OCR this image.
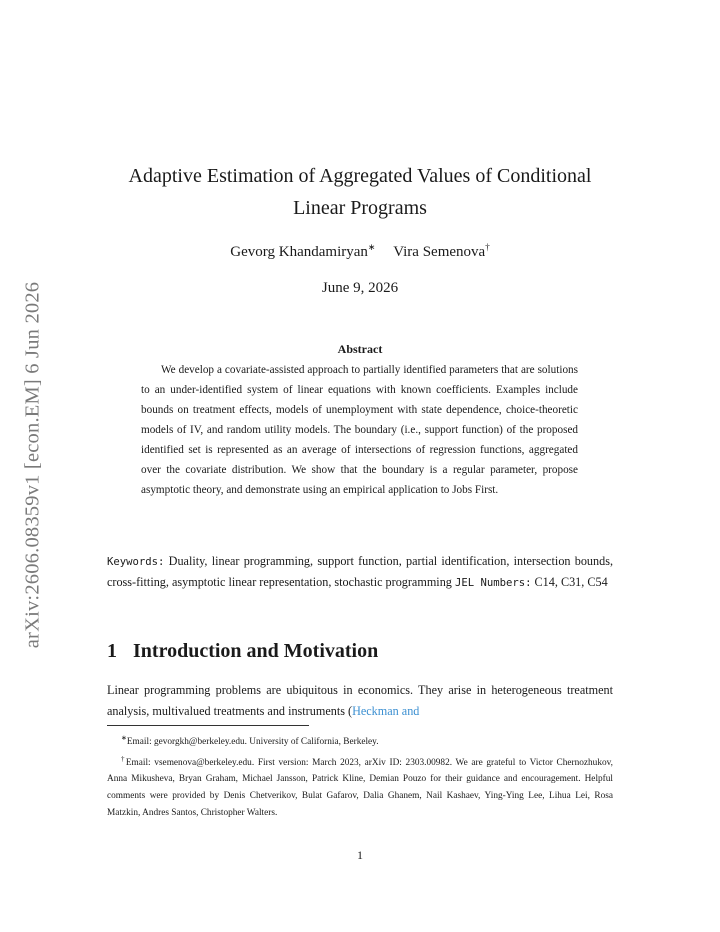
arXiv:2606.08359v1 [econ.EM] 6 Jun 2026
Adaptive Estimation of Aggregated Values of Conditional
Linear Programs
Gevorg Khandamiryan∗ Vira Semenova†
June 9, 2026
Abstract

We develop a covariate-assisted approach to partially identified parameters that are solutions to an under-identified system of linear equations with known coefficients. Examples include bounds on treatment effects, models of unemployment with state dependence, choice-theoretic models of IV, and random utility models. The boundary (i.e., support function) of the proposed identified set is represented as an average of intersections of regression functions, aggregated over the covariate distribution. We show that the boundary is a regular parameter, propose asymptotic theory, and demonstrate using an empirical application to Jobs First.

Keywords: Duality, linear programming, support function, partial identification, intersection bounds, cross-fitting, asymptotic linear representation, stochastic programming JEL Numbers: C14, C31, C54

1 Introduction and Motivation

Linear programming problems are ubiquitous in economics. They arise in heterogeneous treatment analysis, multivalued treatments and instruments (Heckman and

∗Email: gevorgkh@berkeley.edu. University of California, Berkeley.

†Email: vsemenova@berkeley.edu. First version: March 2023, arXiv ID: 2303.00982. We are grateful to Victor Chernozhukov, Anna Mikusheva, Bryan Graham, Michael Jansson, Patrick Kline, Demian Pouzo for their guidance and encouragement. Helpful comments were provided by Denis Chetverikov, Bulat Gafarov, Dalia Ghanem, Nail Kashaev, Ying-Ying Lee, Lihua Lei, Rosa Matzkin, Andres Santos, Christopher Walters.

1
